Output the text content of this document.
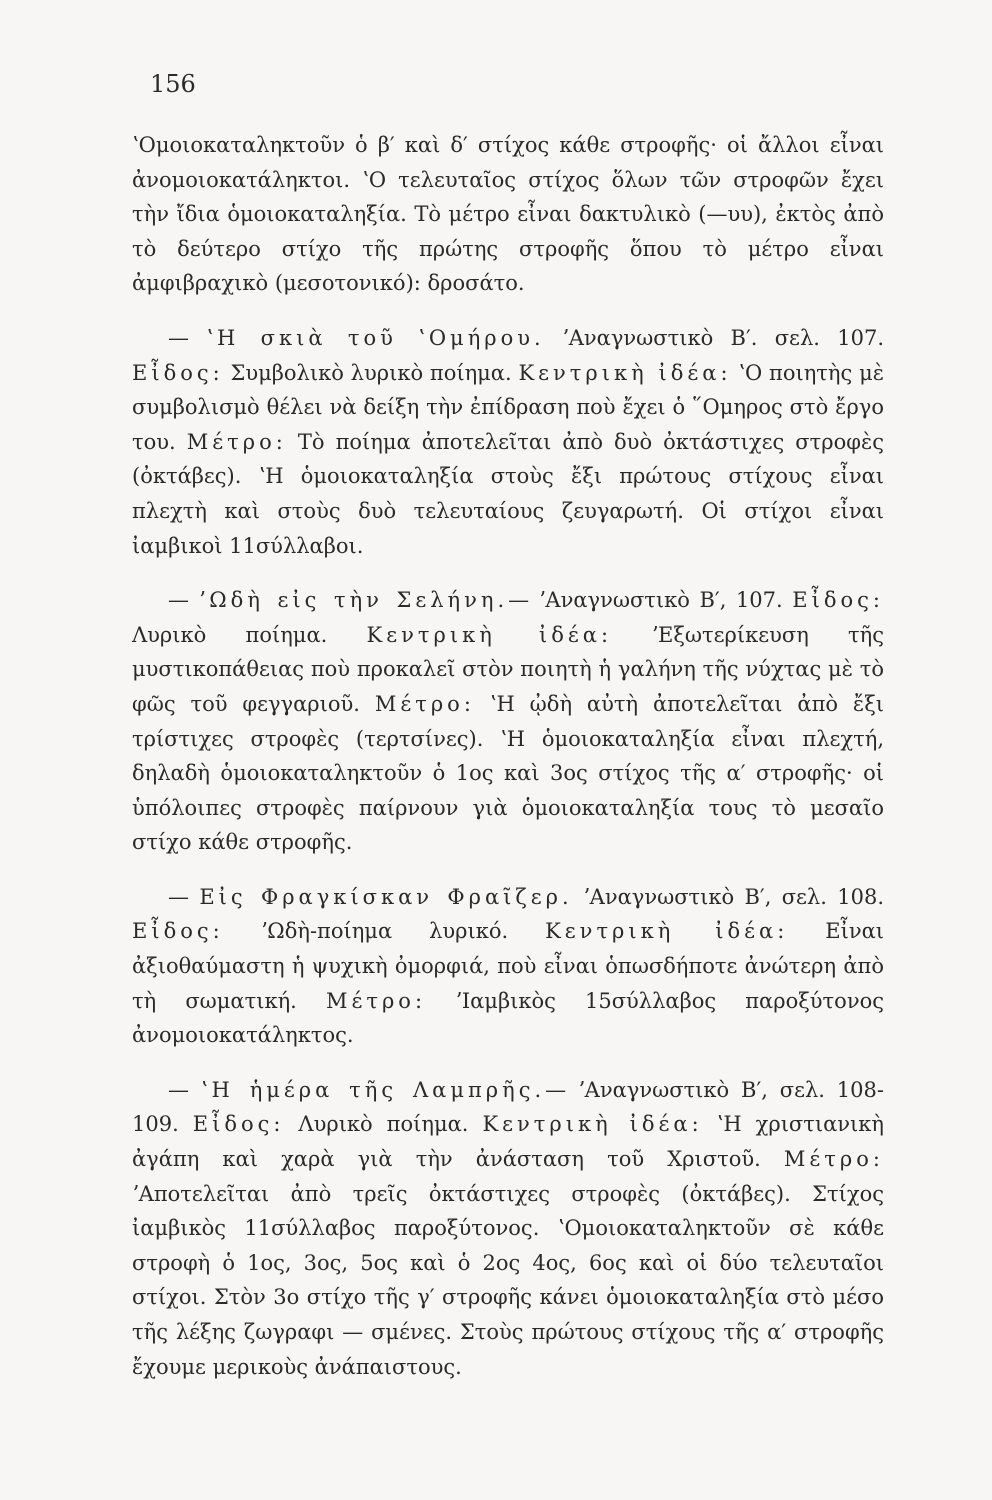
156

ʽΟμοιοκαταληκτοῦν ὁ β′ καὶ δ′ στίχος κάθε στροφῆς· οἱ ἄλλοι εἶναι ἀνομοιοκατάληκτοι. ʽΟ τελευταῖος στίχος ὅλων τῶν στροφῶν ἔχει τὴν ἴδια ὁμοιοκαταληξία. Τὸ μέτρο εἶναι δακτυλικὸ (—υυ), ἐκτὸς ἀπὸ τὸ δεύτερο στίχο τῆς πρώτης στροφῆς ὅπου τὸ μέτρο εἶναι ἀμφιβραχικὸ (μεσοτονικό): δροσάτο.

— ʽΗ σκιὰ τοῦ ʽΟμήρου. ʼΑναγνωστικὸ Β′. σελ. 107. Εἶδος: Συμβολικὸ λυρικὸ ποίημα. Κεντρικὴ ἰδέα: ʽΟ ποιητὴς μὲ συμβολισμὸ θέλει νὰ δείξη τὴν ἐπίδραση ποὺ ἔχει ὁ ῞Ομηρος στὸ ἔργο του. Μέτρο: Τὸ ποίημα ἀποτελεῖται ἀπὸ δυὸ ὀκτάστιχες στροφὲς (ὀκτάβες). ʽΗ ὁμοιοκαταληξία στοὺς ἔξι πρώτους στίχους εἶναι πλεχτὴ καὶ στοὺς δυὸ τελευταίους ζευγαρωτή. Οἱ στίχοι εἶναι ἰαμβικοὶ 11σύλλαβοι.

— ʼΩδὴ εἰς τὴν Σελήνη.— ʼΑναγνωστικὸ Β′, 107. Εἶδος: Λυρικὸ ποίημα. Κεντρικὴ ἰδέα: ʼΕξωτερίκευση τῆς μυστικοπάθειας ποὺ προκαλεῖ στὸν ποιητὴ ἡ γαλήνη τῆς νύχτας μὲ τὸ φῶς τοῦ φεγγαριοῦ. Μέτρο: ʽΗ ᾠδὴ αὐτὴ ἀποτελεῖται ἀπὸ ἔξι τρίστιχες στροφὲς (τερτσίνες). ʽΗ ὁμοιοκαταληξία εἶναι πλεχτή, δηλαδὴ ὁμοιοκαταληκτοῦν ὁ 1ος καὶ 3ος στίχος τῆς α′ στροφῆς· οἱ ὑπόλοιπες στροφὲς παίρνουν γιὰ ὁμοιοκαταληξία τους τὸ μεσαῖο στίχο κάθε στροφῆς.

— Εἰς Φραγκίσκαν Φραῖζερ. ʼΑναγνωστικὸ Β′, σελ. 108. Εἶδος: ʼΩδὴ-ποίημα λυρικό. Κεντρικὴ ἰδέα: Εἶναι ἀξιοθαύμαστη ἡ ψυχικὴ ὀμορφιά, ποὺ εἶναι ὁπωσδήποτε ἀνώτερη ἀπὸ τὴ σωματική. Μέτρο: ʼΙαμβικὸς 15σύλλαβος παροξύτονος ἀνομοιοκατάληκτος.

— ʽΗ ἡμέρα τῆς Λαμπρῆς.— ʼΑναγνωστικὸ Β′, σελ. 108-109. Εἶδος: Λυρικὸ ποίημα. Κεντρικὴ ἰδέα: ʽΗ χριστιανικὴ ἀγάπη καὶ χαρὰ γιὰ τὴν ἀνάσταση τοῦ Χριστοῦ. Μέτρο: ʼΑποτελεῖται ἀπὸ τρεῖς ὀκτάστιχες στροφὲς (ὀκτάβες). Στίχος ἰαμβικὸς 11σύλλαβος παροξύτονος. ʽΟμοιοκαταληκτοῦν σὲ κάθε στροφὴ ὁ 1ος, 3ος, 5ος καὶ ὁ 2ος 4ος, 6ος καὶ οἱ δύο τελευταῖοι στίχοι. Στὸν 3ο στίχο τῆς γ′ στροφῆς κάνει ὁμοιοκαταληξία στὸ μέσο τῆς λέξης ζωγραφι — σμένες. Στοὺς πρώτους στίχους τῆς α′ στροφῆς ἔχουμε μερικοὺς ἀνάπαιστους.
